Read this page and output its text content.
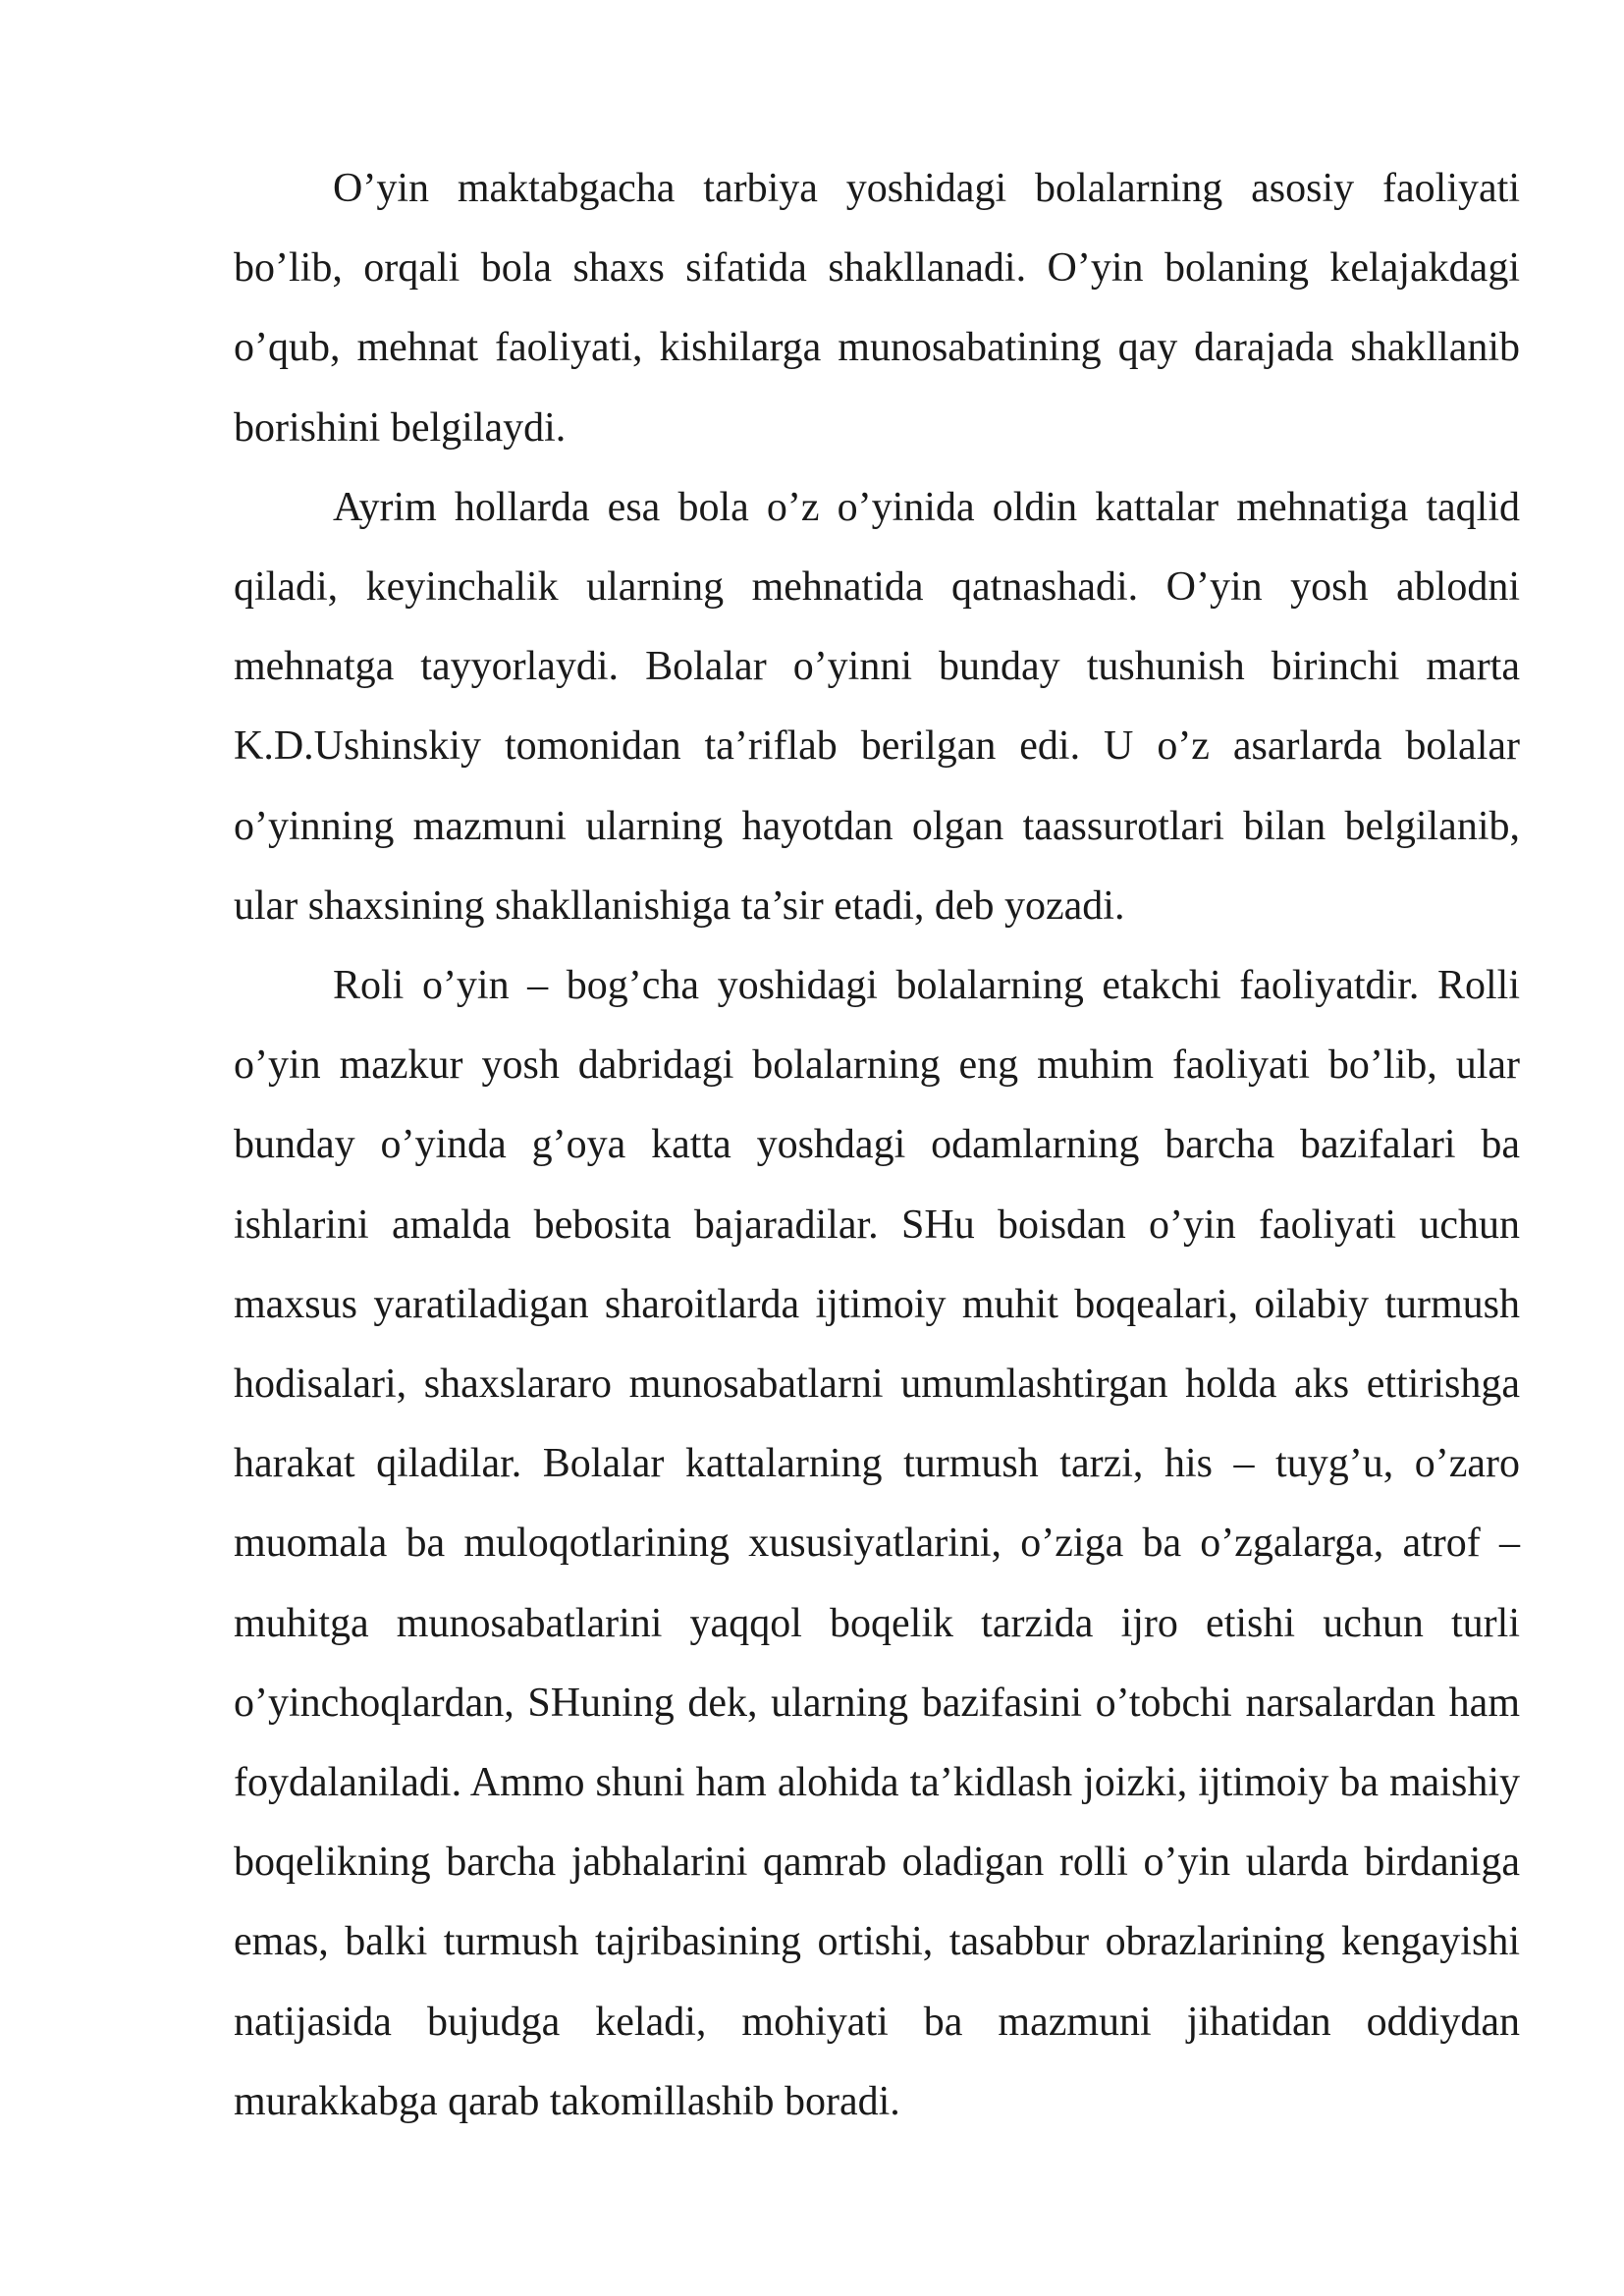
O’yin maktabgacha tarbiya yoshidagi bolalarning asosiy faoliyati bo’lib, orqali bola shaxs sifatida shakllanadi. O’yin bolaning kelajakdagi o’qub, mehnat faoliyati, kishilarga munosabatining qay darajada shakllanib borishini belgilaydi.

Ayrim hollarda esa bola o’z o’yinida oldin kattalar mehnatiga taqlid qiladi, keyinchalik ularning mehnatida qatnashadi. O’yin yosh ablodni mehnatga tayyorlaydi. Bolalar o’yinni bunday tushunish birinchi marta K.D.Ushinskiy tomonidan ta’riflab berilgan edi. U o’z asarlarda bolalar o’yinning mazmuni ularning hayotdan olgan taassurotlari bilan belgilanib, ular shaxsining shakllanishiga ta’sir etadi, deb yozadi.

Roli o’yin – bog’cha yoshidagi bolalarning etakchi faoliyatdir. Rolli o’yin mazkur yosh dabridagi bolalarning eng muhim faoliyati bo’lib, ular bunday o’yinda g’oya katta yoshdagi odamlarning barcha bazifalari ba ishlarini amalda bebosita bajaradilar. SHu boisdan o’yin faoliyati uchun maxsus yaratiladigan sharoitlarda ijtimoiy muhit boqealari, oilabiy turmush hodisalari, shaxslararo munosabatlarni umumlashtirgan holda aks ettirishga harakat qiladilar. Bolalar kattalarning turmush tarzi, his – tuyg’u, o’zaro muomala ba muloqotlarining xususiyatlarini, o’ziga ba o’zgalarga, atrof – muhitga munosabatlarini yaqqol boqelik tarzida ijro etishi uchun turli o’yinchoqlardan, SHuning dek, ularning bazifasini o’tobchi narsalardan ham foydalaniladi. Ammo shuni ham alohida ta’kidlash joizki, ijtimoiy ba maishiy boqelikning barcha jabhalarini qamrab oladigan rolli o’yin ularda birdaniga emas, balki turmush tajribasining ortishi, tasabbur obrazlarining kengayishi natijasida bujudga keladi, mohiyati ba mazmuni jihatidan oddiydan murakkabga qarab takomillashib boradi.
